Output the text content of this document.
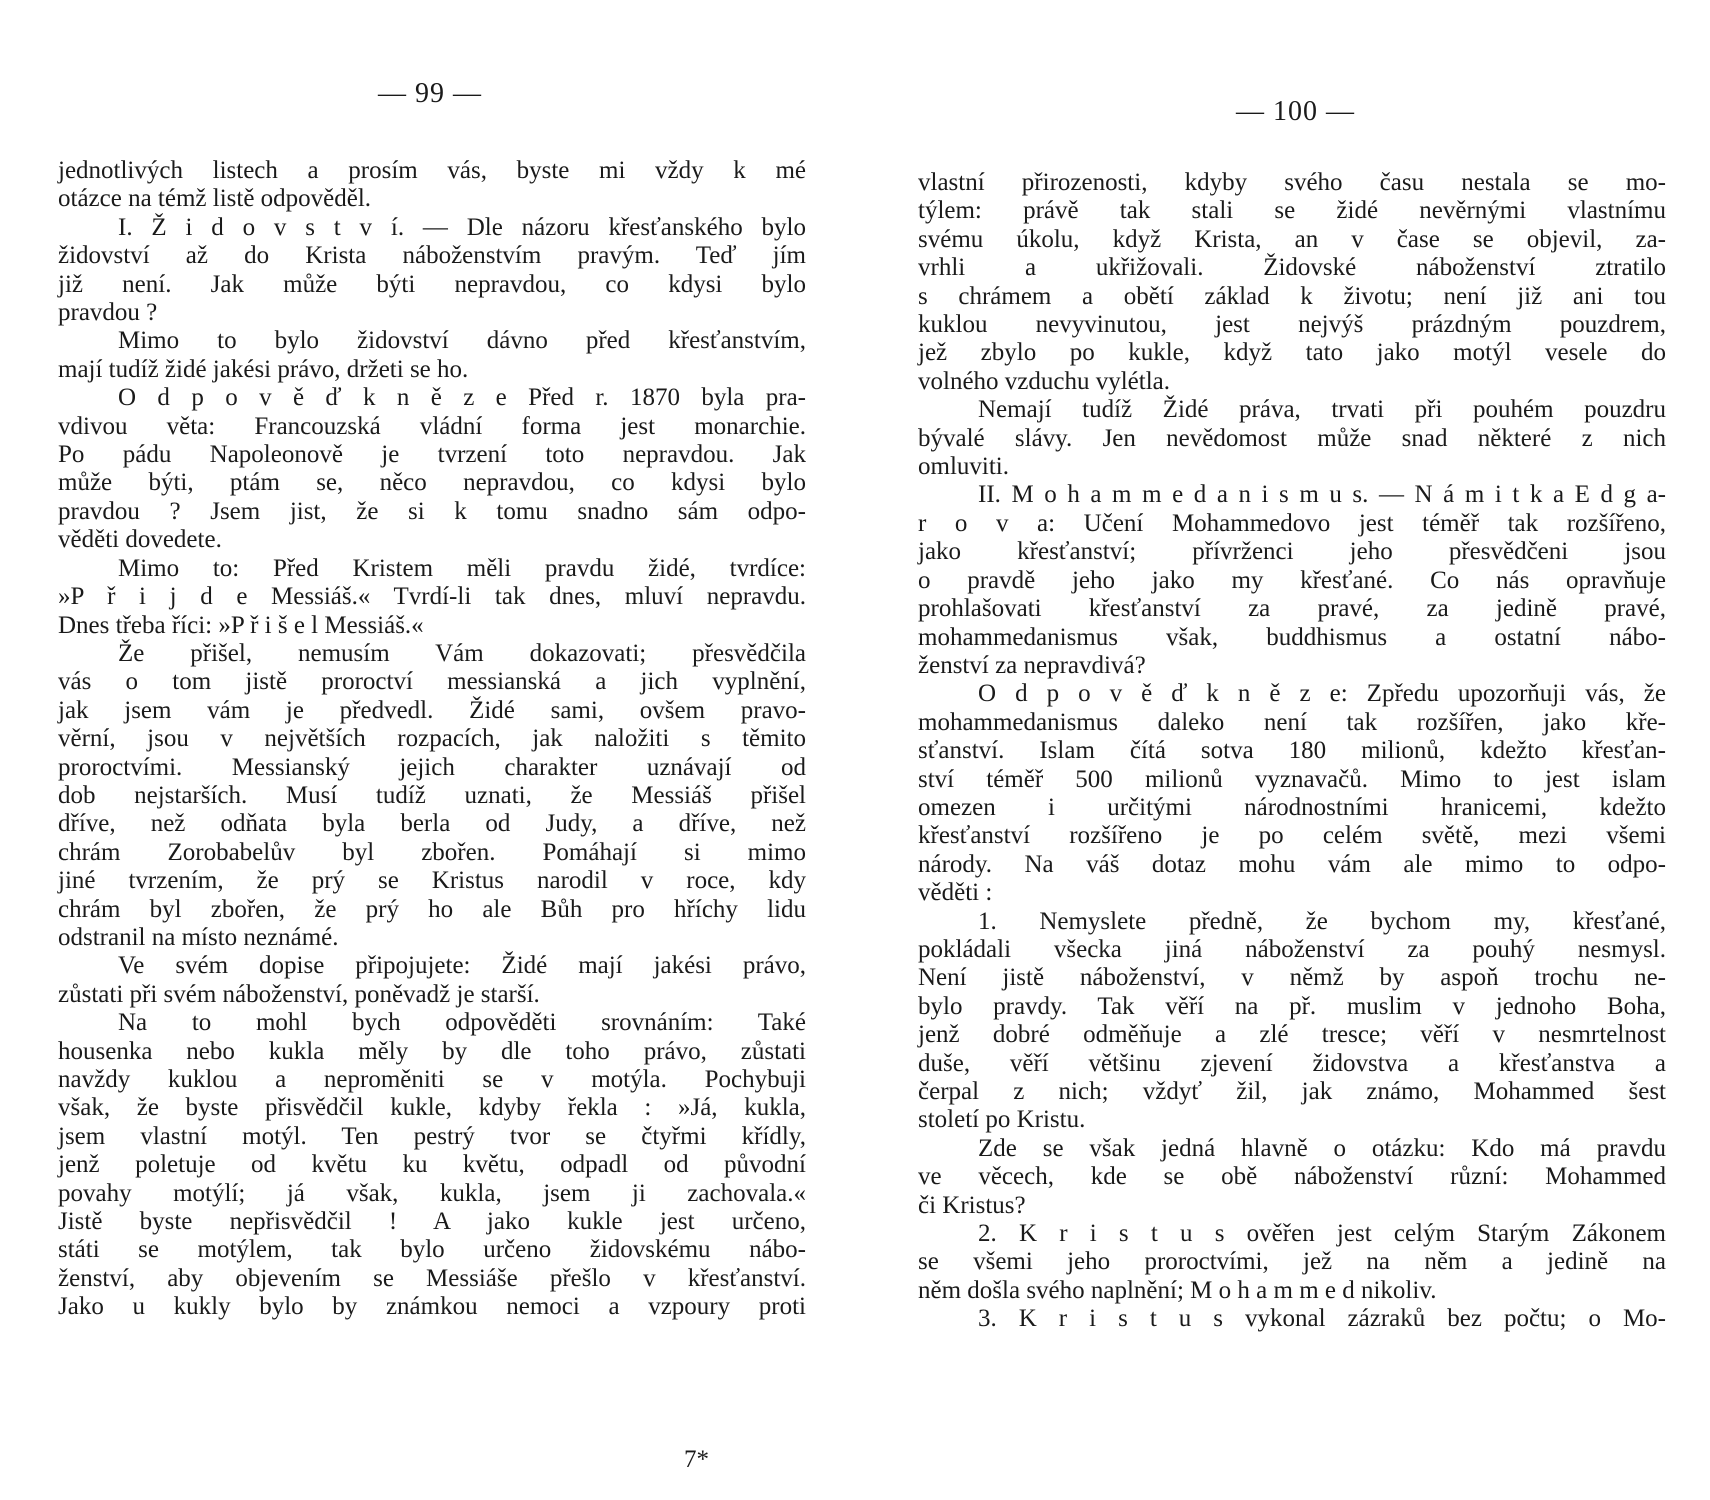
— 99 —
jednotlivých listech a prosím vás, byste mi vždy k mé
otázce na témž listě odpověděl.
I. Ž i d o v s t v í. — Dle názoru křesťanského bylo
židovství až do Krista náboženstvím pravým. Teď jím
již není. Jak může býti nepravdou, co kdysi bylo
pravdou ?
Mimo to bylo židovství dávno před křesťanstvím,
mají tudíž židé jakési právo, držeti se ho.
O d p o v ě ď k n ě z e Před r. 1870 byla pra-
vdivou věta: Francouzská vládní forma jest monarchie.
Po pádu Napoleonově je tvrzení toto nepravdou. Jak
může býti, ptám se, něco nepravdou, co kdysi bylo
pravdou ? Jsem jist, že si k tomu snadno sám odpo-
věděti dovedete.
Mimo to: Před Kristem měli pravdu židé, tvrdíce:
»P ř i j d e Messiáš.« Tvrdí-li tak dnes, mluví nepravdu.
Dnes třeba říci: »P ř i š e l Messiáš.«
Že přišel, nemusím Vám dokazovati; přesvědčila
vás o tom jistě proroctví messianská a jich vyplnění,
jak jsem vám je předvedl. Židé sami, ovšem pravo-
věrní, jsou v největších rozpacích, jak naložiti s těmito
proroctvími. Messianský jejich charakter uznávají od
dob nejstarších. Musí tudíž uznati, že Messiáš přišel
dříve, než odňata byla berla od Judy, a dříve, než
chrám Zorobabelův byl zbořen. Pomáhají si mimo
jiné tvrzením, že prý se Kristus narodil v roce, kdy
chrám byl zbořen, že prý ho ale Bůh pro hříchy lidu
odstranil na místo neznámé.
Ve svém dopise připojujete: Židé mají jakési právo,
zůstati při svém náboženství, poněvadž je starší.
Na to mohl bych odpověděti srovnáním: Také
housenka nebo kukla měly by dle toho právo, zůstati
navždy kuklou a neproměniti se v motýla. Pochybuji
však, že byste přisvědčil kukle, kdyby řekla : »Já, kukla,
jsem vlastní motýl. Ten pestrý tvor se čtyřmi křídly,
jenž poletuje od květu ku květu, odpadl od původní
povahy motýlí; já však, kukla, jsem ji zachovala.«
Jistě byste nepřisvědčil ! A jako kukle jest určeno,
státi se motýlem, tak bylo určeno židovskému nábo-
ženství, aby objevením se Messiáše přešlo v křesťanství.
Jako u kukly bylo by známkou nemoci a vzpoury proti
7*
— 100 —
vlastní přirozenosti, kdyby svého času nestala se mo-
týlem: právě tak stali se židé nevěrnými vlastnímu
svému úkolu, když Krista, an v čase se objevil, za-
vrhli a ukřižovali. Židovské náboženství ztratilo
s chrámem a obětí základ k životu; není již ani tou
kuklou nevyvinutou, jest nejvýš prázdným pouzdrem,
jež zbylo po kukle, když tato jako motýl vesele do
volného vzduchu vylétla.
Nemají tudíž Židé práva, trvati při pouhém pouzdru
bývalé slávy. Jen nevědomost může snad některé z nich
omluviti.
II. M o h a m m e d a n i s m u s. — N á m i t k a E d g a-
r o v a: Učení Mohammedovo jest téměř tak rozšířeno,
jako křesťanství; přívrženci jeho přesvědčeni jsou
o pravdě jeho jako my křesťané. Co nás opravňuje
prohlašovati křesťanství za pravé, za jedině pravé,
mohammedanismus však, buddhismus a ostatní nábo-
ženství za nepravdivá?
O d p o v ě ď k n ě z e: Zpředu upozorňuji vás, že
mohammedanismus daleko není tak rozšířen, jako kře-
sťanství. Islam čítá sotva 180 milionů, kdežto křesťan-
ství téměř 500 milionů vyznavačů. Mimo to jest islam
omezen i určitými národnostními hranicemi, kdežto
křesťanství rozšířeno je po celém světě, mezi všemi
národy. Na váš dotaz mohu vám ale mimo to odpo-
věděti :
1. Nemyslete předně, že bychom my, křesťané,
pokládali všecka jiná náboženství za pouhý nesmysl.
Není jistě náboženství, v němž by aspoň trochu ne-
bylo pravdy. Tak věří na př. muslim v jednoho Boha,
jenž dobré odměňuje a zlé tresce; věří v nesmrtelnost
duše, věří většinu zjevení židovstva a křesťanstva a
čerpal z nich; vždyť žil, jak známo, Mohammed šest
století po Kristu.
Zde se však jedná hlavně o otázku: Kdo má pravdu
ve věcech, kde se obě náboženství různí: Mohammed
či Kristus?
2. K r i s t u s ověřen jest celým Starým Zákonem
se všemi jeho proroctvími, jež na něm a jedině na
něm došla svého naplnění; M o h a m m e d nikoliv.
3. K r i s t u s vykonal zázraků bez počtu; o Mo-
